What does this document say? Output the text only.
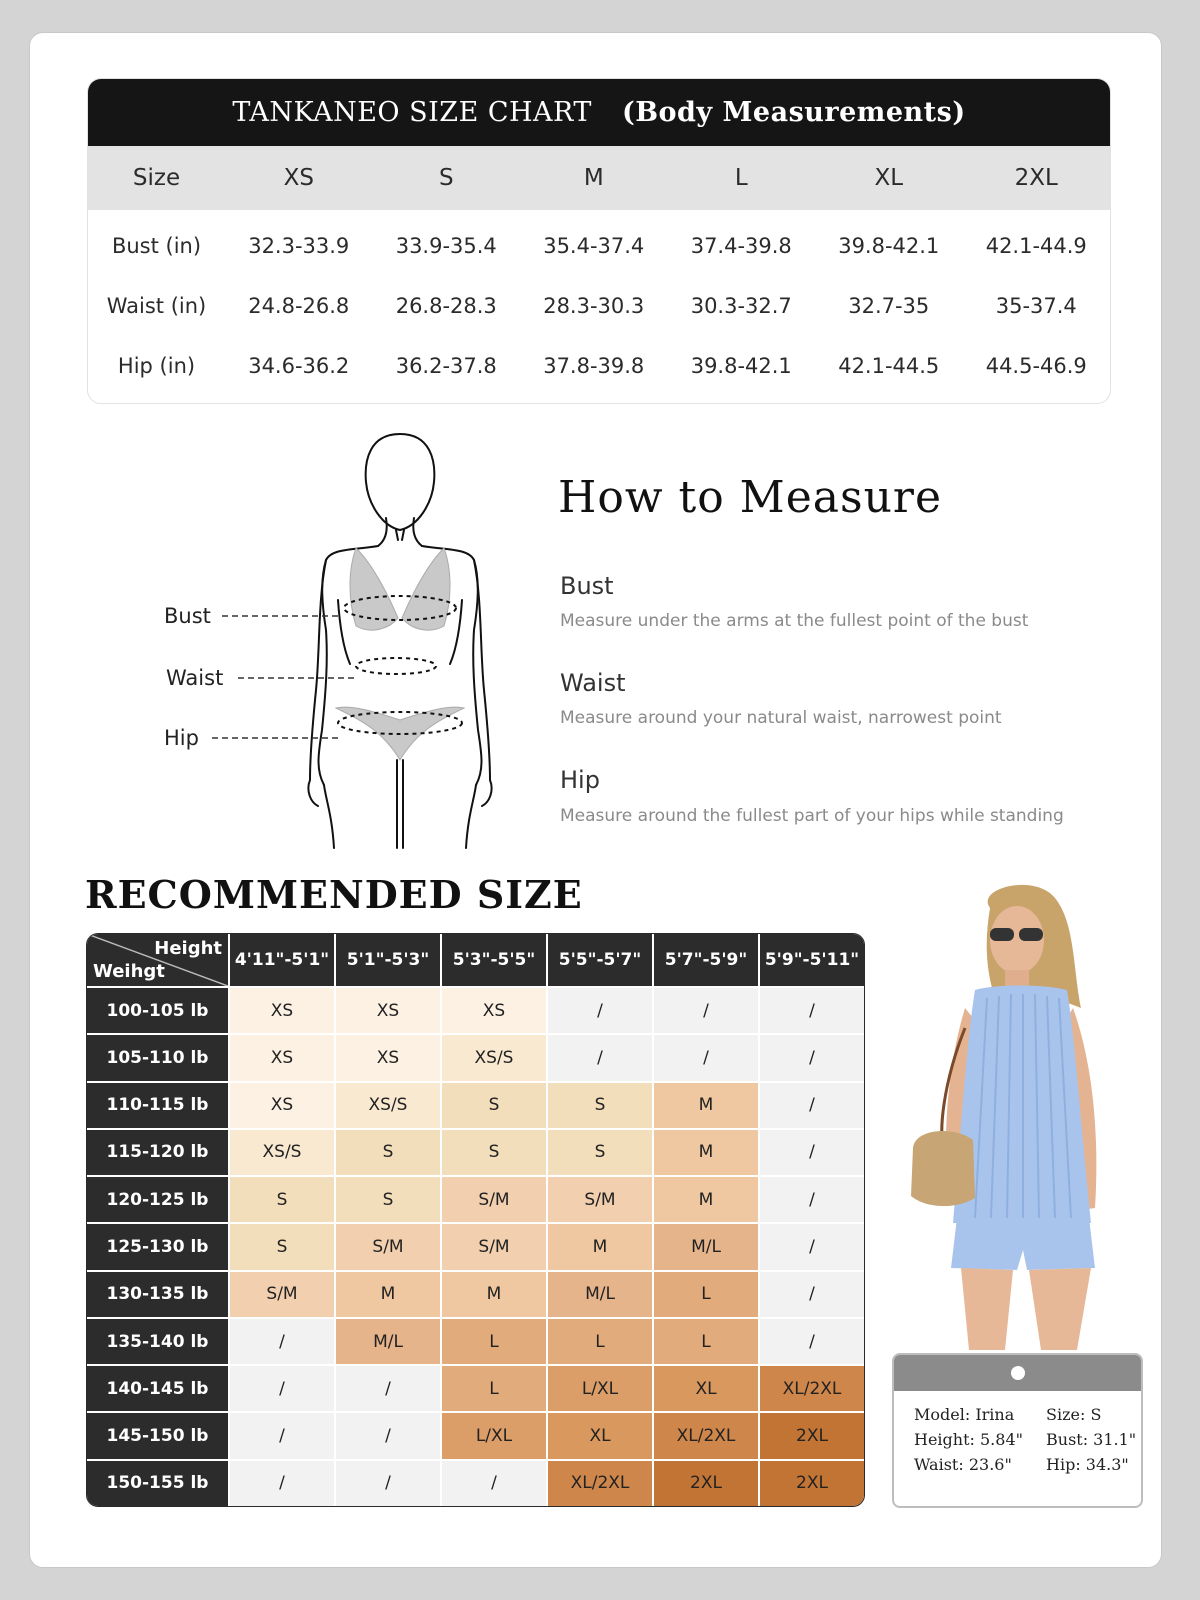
TANKANEO SIZE CHART (Body Measurements)
Size	XS	S	M	L	XL	2XL
Bust (in)	32.3-33.9	33.9-35.4	35.4-37.4	37.4-39.8	39.8-42.1	42.1-44.9
Waist (in)	24.8-26.8	26.8-28.3	28.3-30.3	30.3-32.7	32.7-35	35-37.4
Hip (in)	34.6-36.2	36.2-37.8	37.8-39.8	39.8-42.1	42.1-44.5	44.5-46.9
Bust
Waist
Hip
How to Measure
Bust
Measure under the arms at the fullest point of the bust
Waist
Measure around your natural waist, narrowest point
Hip
Measure around the fullest part of your hips while standing
RECOMMENDED SIZE
Height
Weihgt
4'11"-5'1"	5'1"-5'3"	5'3"-5'5"	5'5"-5'7"	5'7"-5'9"	5'9"-5'11"
100-105 lb	XS	XS	XS	/	/	/
105-110 lb	XS	XS	XS/S	/	/	/
110-115 lb	XS	XS/S	S	S	M	/
115-120 lb	XS/S	S	S	S	M	/
120-125 lb	S	S	S/M	S/M	M	/
125-130 lb	S	S/M	S/M	M	M/L	/
130-135 lb	S/M	M	M	M/L	L	/
135-140 lb	/	M/L	L	L	L	/
140-145 lb	/	/	L	L/XL	XL	XL/2XL
145-150 lb	/	/	L/XL	XL	XL/2XL	2XL
150-155 lb	/	/	/	XL/2XL	2XL	2XL
Model: Irina	Size: S
Height: 5.84"	Bust: 31.1"
Waist: 23.6"	Hip: 34.3"
